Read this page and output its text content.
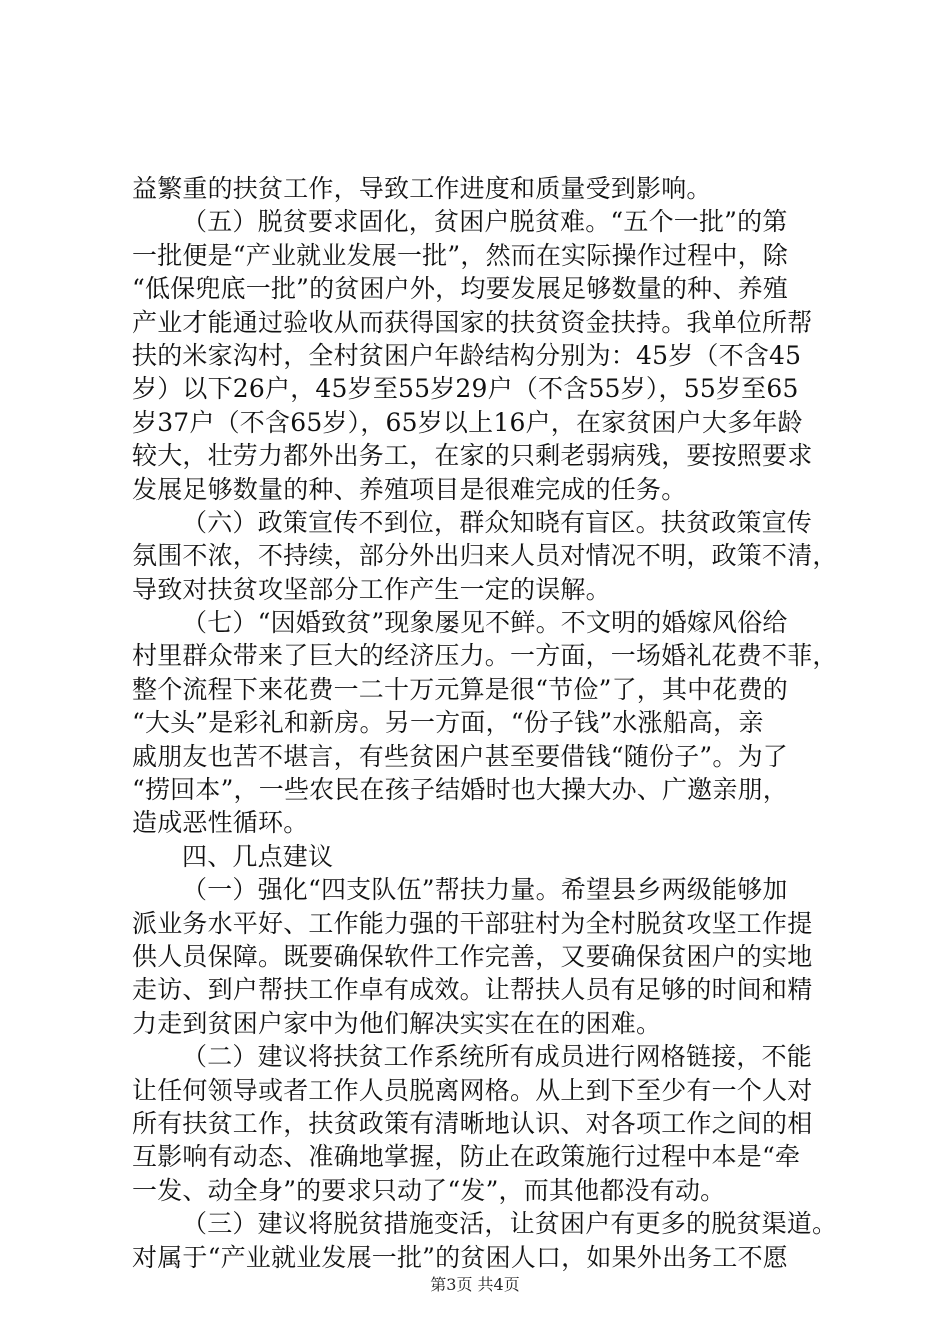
益繁重的扶贫工作，导致工作进度和质量受到影响。
（五）脱贫要求固化，贫困户脱贫难。“五个一批”的第
一批便是“产业就业发展一批”，然而在实际操作过程中，除
“低保兜底一批”的贫困户外，均要发展足够数量的种、养殖
产业才能通过验收从而获得国家的扶贫资金扶持。我单位所帮
扶的米家沟村，全村贫困户年龄结构分别为：45岁（不含45
岁）以下26户，45岁至55岁29户（不含55岁），55岁至65
岁37户（不含65岁），65岁以上16户，在家贫困户大多年龄
较大，壮劳力都外出务工，在家的只剩老弱病残，要按照要求
发展足够数量的种、养殖项目是很难完成的任务。
（六）政策宣传不到位，群众知晓有盲区。扶贫政策宣传
氛围不浓，不持续，部分外出归来人员对情况不明，政策不清，
导致对扶贫攻坚部分工作产生一定的误解。
（七）“因婚致贫”现象屡见不鲜。不文明的婚嫁风俗给
村里群众带来了巨大的经济压力。一方面，一场婚礼花费不菲，
整个流程下来花费一二十万元算是很“节俭”了，其中花费的
“大头”是彩礼和新房。另一方面，“份子钱”水涨船高，亲
戚朋友也苦不堪言，有些贫困户甚至要借钱“随份子”。为了
“捞回本”，一些农民在孩子结婚时也大操大办、广邀亲朋，
造成恶性循环。
四、几点建议
（一）强化“四支队伍”帮扶力量。希望县乡两级能够加
派业务水平好、工作能力强的干部驻村为全村脱贫攻坚工作提
供人员保障。既要确保软件工作完善，又要确保贫困户的实地
走访、到户帮扶工作卓有成效。让帮扶人员有足够的时间和精
力走到贫困户家中为他们解决实实在在的困难。
（二）建议将扶贫工作系统所有成员进行网格链接，不能
让任何领导或者工作人员脱离网格。从上到下至少有一个人对
所有扶贫工作，扶贫政策有清晰地认识、对各项工作之间的相
互影响有动态、准确地掌握，防止在政策施行过程中本是“牵
一发、动全身”的要求只动了“发”，而其他都没有动。
（三）建议将脱贫措施变活，让贫困户有更多的脱贫渠道。
对属于“产业就业发展一批”的贫困人口，如果外出务工不愿
第3页 共4页
